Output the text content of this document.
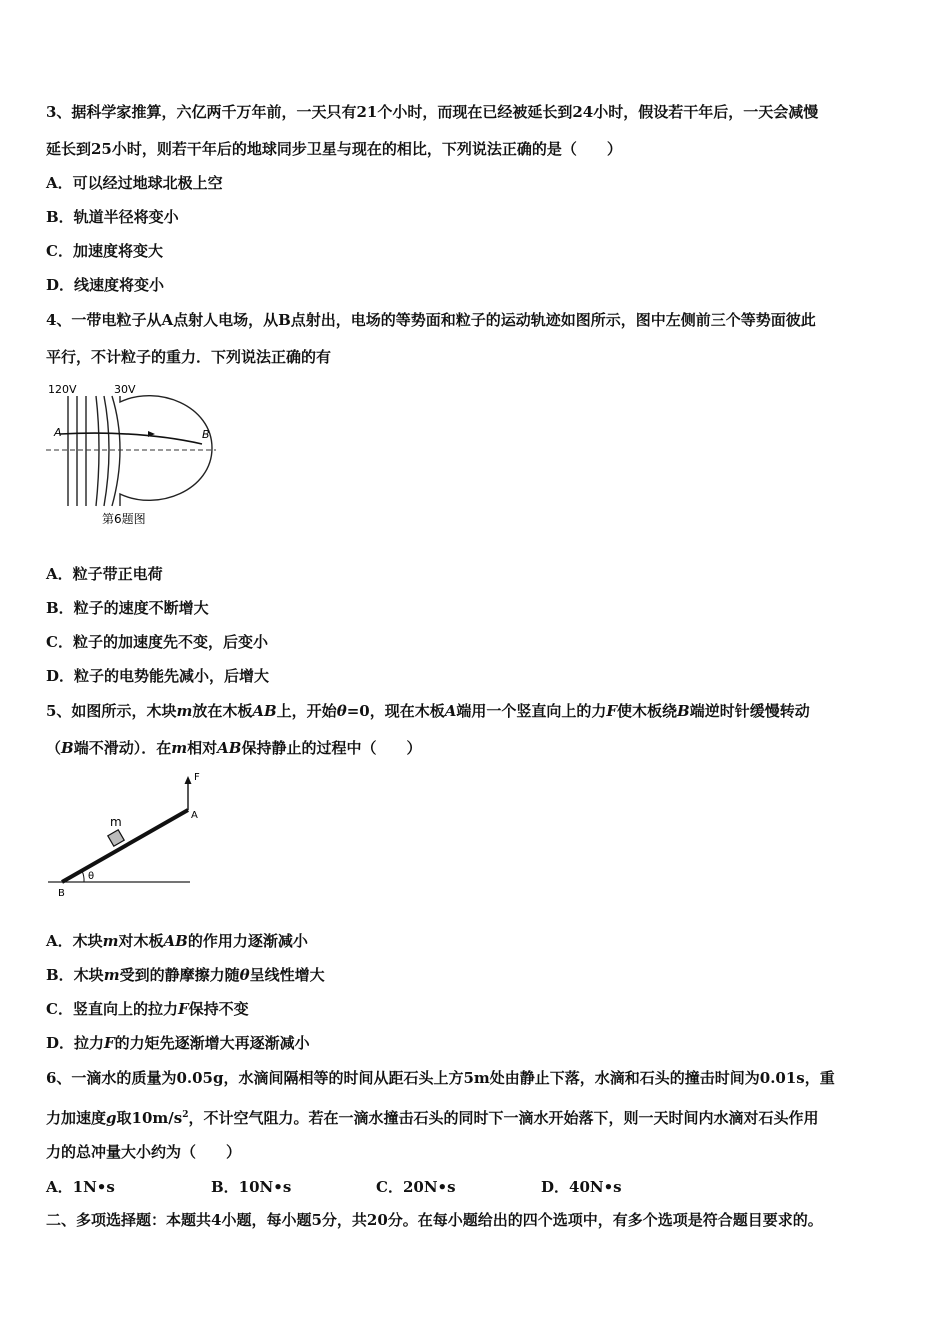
3、据科学家推算，六亿两千万年前，一天只有21个小时，而现在已经被延长到24小时，假设若干年后，一天会减慢
延长到25小时，则若干年后的地球同步卫星与现在的相比，下列说法正确的是（　　）
A．可以经过地球北极上空
B．轨道半径将变小
C．加速度将变大
D．线速度将变小
4、一带电粒子从A点射人电场，从B点射出，电场的等势面和粒子的运动轨迹如图所示，图中左侧前三个等势面彼此
平行，不计粒子的重力．下列说法正确的有
120V	30V
A	B
第6题图
A．粒子带正电荷
B．粒子的速度不断增大
C．粒子的加速度先不变，后变小
D．粒子的电势能先减小，后增大
5、如图所示，木块m放在木板AB上，开始θ=0，现在木板A端用一个竖直向上的力F使木板绕B端逆时针缓慢转动
（B端不滑动）．在m相对AB保持静止的过程中（　　）
F
A
m
B
θ
A．木块m对木板AB的作用力逐渐减小
B．木块m受到的静摩擦力随θ呈线性增大
C．竖直向上的拉力F保持不变
D．拉力F的力矩先逐渐增大再逐渐减小
6、一滴水的质量为0.05g，水滴间隔相等的时间从距石头上方5m处由静止下落，水滴和石头的撞击时间为0.01s，重
力加速度g取$10m/s^2$，不计空气阻力。若在一滴水撞击石头的同时下一滴水开始落下，则一天时间内水滴对石头作用
力的总冲量大小约为（　　）
A．1N•s	B．10N•s	C．20N•s	D．40N•s
二、多项选择题：本题共4小题，每小题5分，共20分。在每小题给出的四个选项中，有多个选项是符合题目要求的。
